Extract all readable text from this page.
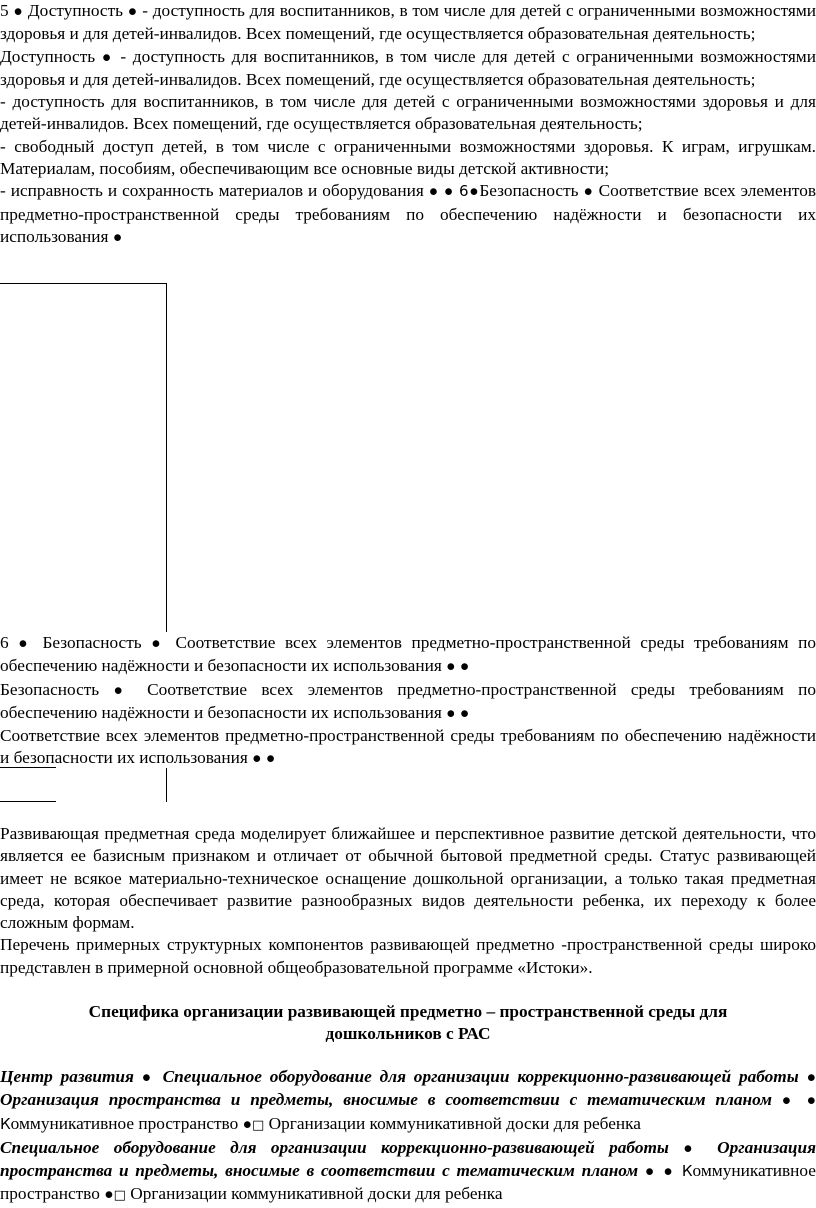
5 ● Доступность ● - доступность для воспитанников, в том числе для детей с ограниченными возможностями здоровья и для детей-инвалидов. Всех помещений, где осуществляется образовательная деятельность;

Доступность ● - доступность для воспитанников, в том числе для детей с ограниченными возможностями здоровья и для детей-инвалидов. Всех помещений, где осуществляется образовательная деятельность;

- доступность для воспитанников, в том числе для детей с ограниченными возможностями здоровья и для детей-инвалидов. Всех помещений, где осуществляется образовательная деятельность;

- свободный доступ детей, в том числе с ограниченными возможностями здоровья. К играм, игрушкам. Материалам, пособиям, обеспечивающим все основные виды детской активности;

- исправность и сохранность материалов и оборудования ● ● 6●Безопасность ● Соответствие всех элементов предметно-пространственной среды требованиям по обеспечению надёжности и безопасности их использования ●

6 ● Безопасность ● Соответствие всех элементов предметно-пространственной среды требованиям по обеспечению надёжности и безопасности их использования ● ●

Безопасность ● Соответствие всех элементов предметно-пространственной среды требованиям по обеспечению надёжности и безопасности их использования ● ●

Соответствие всех элементов предметно-пространственной среды требованиям по обеспечению надёжности и безопасности их использования ● ●

Развивающая предметная среда моделирует ближайшее и перспективное развитие детской деятельности, что является ее базисным признаком и отличает от обычной бытовой предметной среды. Статус развивающей имеет не всякое материально-техническое оснащение дошкольной организации, а только такая предметная среда, которая обеспечивает развитие разнообразных видов деятельности ребенка, их переходу к более сложным формам.

Перечень примерных структурных компонентов развивающей предметно -пространственной среды широко представлен в примерной основной общеобразовательной программе «Истоки».

Специфика организации развивающей предметно – пространственной среды для
дошкольников с РАС

Центр развития ● Специальное оборудование для организации коррекционно-развивающей работы ● Организация пространства и предметы, вносимые в соответствии с тематическим планом ● ● Коммуникативное пространство ●□ Организации коммуникативной доски для ребенка

Специальное оборудование для организации коррекционно-развивающей работы ● Организация пространства и предметы, вносимые в соответствии с тематическим планом ● ● Коммуникативное пространство ●□ Организации коммуникативной доски для ребенка
